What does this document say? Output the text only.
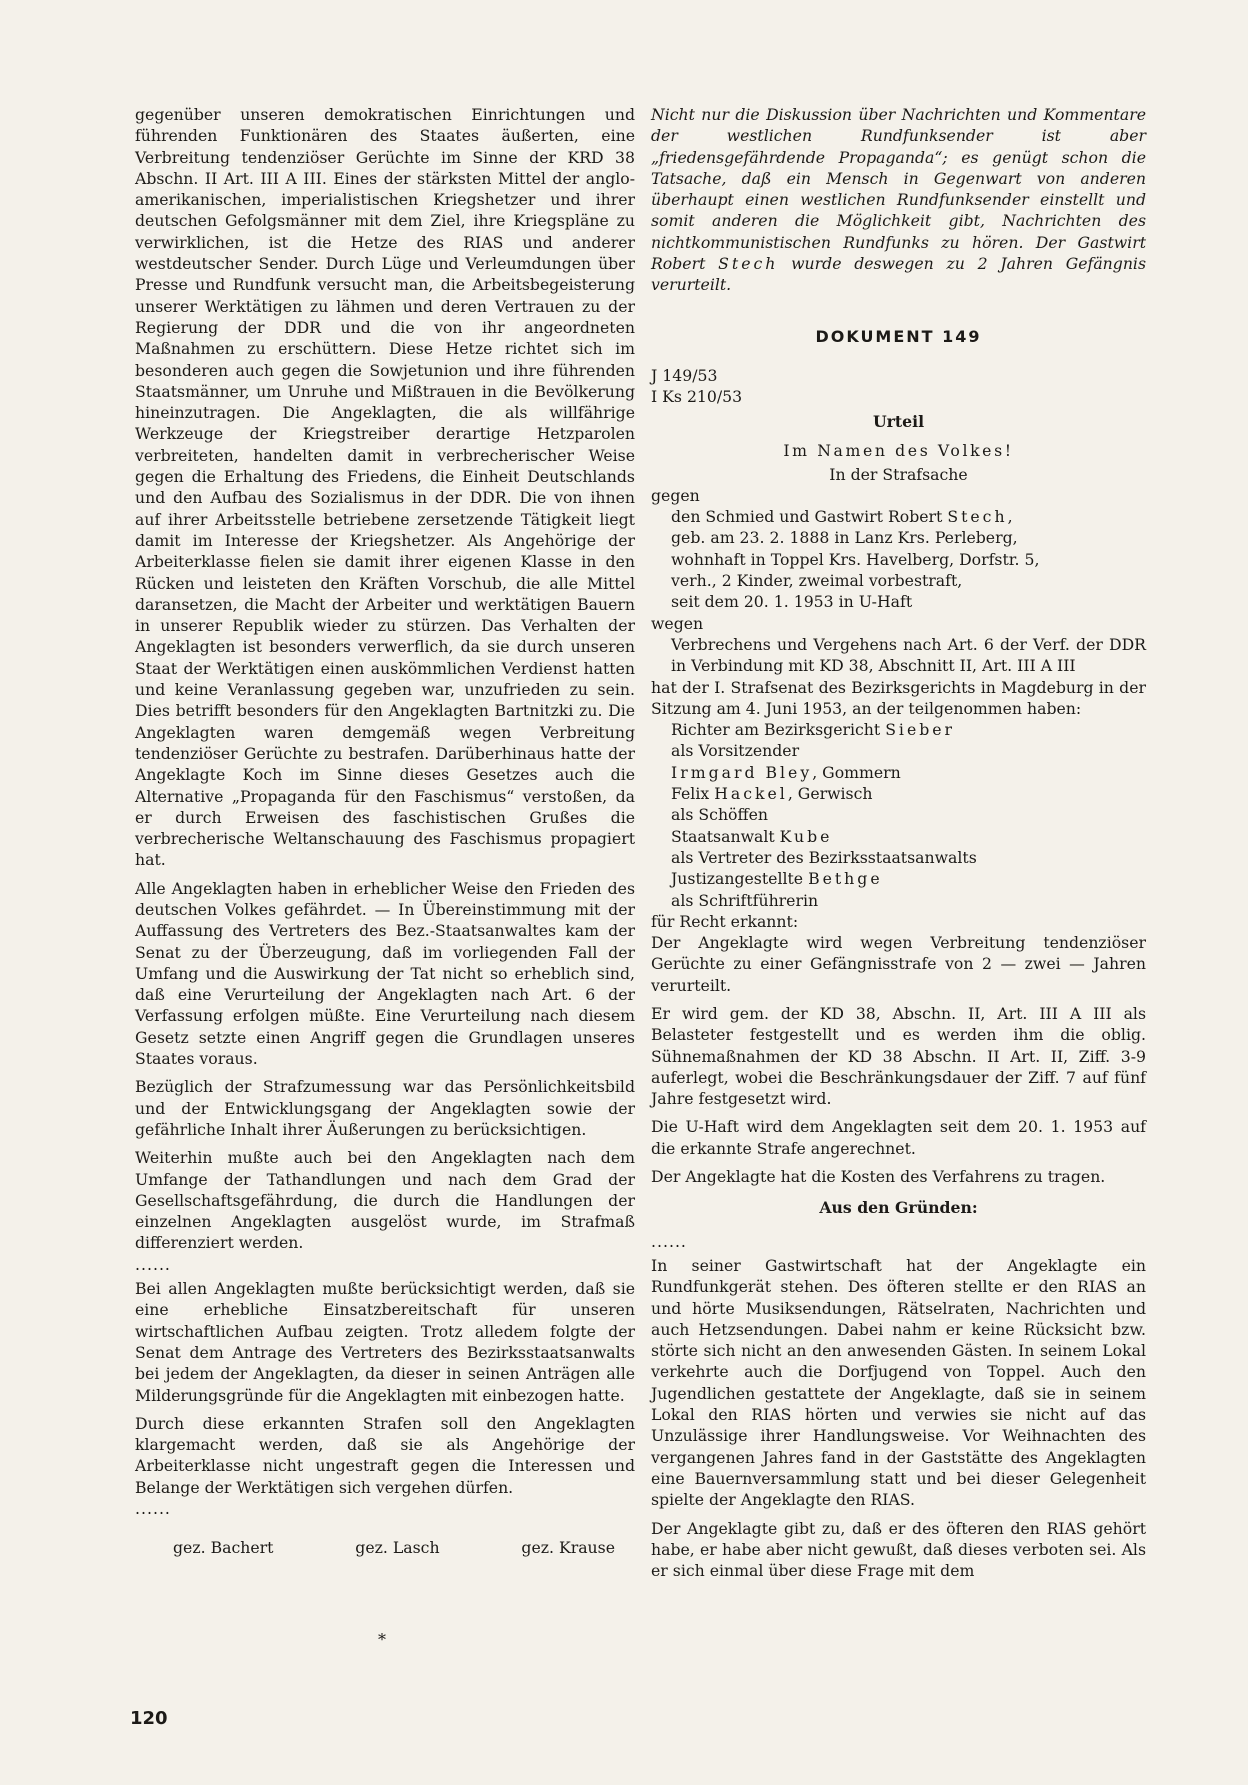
gegenüber unseren demokratischen Einrichtungen und führenden Funktionären des Staates äußerten, eine Verbreitung tendenziöser Gerüchte im Sinne der KRD 38 Abschn. II Art. III A III. Eines der stärksten Mittel der anglo-amerikanischen, imperialistischen Kriegshetzer und ihrer deutschen Gefolgsmänner mit dem Ziel, ihre Kriegspläne zu verwirklichen, ist die Hetze des RIAS und anderer westdeutscher Sender. Durch Lüge und Verleumdungen über Presse und Rundfunk versucht man, die Arbeitsbegeisterung unserer Werktätigen zu lähmen und deren Vertrauen zu der Regierung der DDR und die von ihr angeordneten Maßnahmen zu erschüttern. Diese Hetze richtet sich im besonderen auch gegen die Sowjetunion und ihre führenden Staatsmänner, um Unruhe und Mißtrauen in die Bevölkerung hineinzutragen. Die Angeklagten, die als willfährige Werkzeuge der Kriegstreiber derartige Hetzparolen verbreiteten, handelten damit in verbrecherischer Weise gegen die Erhaltung des Friedens, die Einheit Deutschlands und den Aufbau des Sozialismus in der DDR. Die von ihnen auf ihrer Arbeitsstelle betriebene zersetzende Tätigkeit liegt damit im Interesse der Kriegshetzer. Als Angehörige der Arbeiterklasse fielen sie damit ihrer eigenen Klasse in den Rücken und leisteten den Kräften Vorschub, die alle Mittel daransetzen, die Macht der Arbeiter und werktätigen Bauern in unserer Republik wieder zu stürzen. Das Verhalten der Angeklagten ist besonders verwerflich, da sie durch unseren Staat der Werktätigen einen auskömmlichen Verdienst hatten und keine Veranlassung gegeben war, unzufrieden zu sein. Dies betrifft besonders für den Angeklagten Bartnitzki zu. Die Angeklagten waren demgemäß wegen Verbreitung tendenziöser Gerüchte zu bestrafen. Darüberhinaus hatte der Angeklagte Koch im Sinne dieses Gesetzes auch die Alternative „Propaganda für den Faschismus“ verstoßen, da er durch Erweisen des faschistischen Grußes die verbrecherische Weltanschauung des Faschismus propagiert hat.

Alle Angeklagten haben in erheblicher Weise den Frieden des deutschen Volkes gefährdet. — In Übereinstimmung mit der Auffassung des Vertreters des Bez.-Staatsanwaltes kam der Senat zu der Überzeugung, daß im vorliegenden Fall der Umfang und die Auswirkung der Tat nicht so erheblich sind, daß eine Verurteilung der Angeklagten nach Art. 6 der Verfassung erfolgen müßte. Eine Verurteilung nach diesem Gesetz setzte einen Angriff gegen die Grundlagen unseres Staates voraus.

Bezüglich der Strafzumessung war das Persönlichkeitsbild und der Entwicklungsgang der Angeklagten sowie der gefährliche Inhalt ihrer Äußerungen zu berücksichtigen.

Weiterhin mußte auch bei den Angeklagten nach dem Umfange der Tathandlungen und nach dem Grad der Gesellschaftsgefährdung, die durch die Handlungen der einzelnen Angeklagten ausgelöst wurde, im Strafmaß differenziert werden.

......

Bei allen Angeklagten mußte berücksichtigt werden, daß sie eine erhebliche Einsatzbereitschaft für unseren wirtschaftlichen Aufbau zeigten. Trotz alledem folgte der Senat dem Antrage des Vertreters des Bezirksstaatsanwalts bei jedem der Angeklagten, da dieser in seinen Anträgen alle Milderungsgründe für die Angeklagten mit einbezogen hatte.

Durch diese erkannten Strafen soll den Angeklagten klargemacht werden, daß sie als Angehörige der Arbeiterklasse nicht ungestraft gegen die Interessen und Belange der Werktätigen sich vergehen dürfen.

......
gez. Bachert	gez. Lasch	gez. Krause
*
120

Nicht nur die Diskussion über Nachrichten und Kommentare der westlichen Rundfunksender ist aber „friedensgefährdende Propaganda“; es genügt schon die Tatsache, daß ein Mensch in Gegenwart von anderen überhaupt einen westlichen Rundfunksender einstellt und somit anderen die Möglichkeit gibt, Nachrichten des nichtkommunistischen Rundfunks zu hören. Der Gastwirt Robert Stech wurde deswegen zu 2 Jahren Gefängnis verurteilt.

DOKUMENT 149
J 149/53
I Ks 210/53
Urteil
Im Namen des Volkes!
In der Strafsache
gegen
den Schmied und Gastwirt Robert Stech,
geb. am 23. 2. 1888 in Lanz Krs. Perleberg,
wohnhaft in Toppel Krs. Havelberg, Dorfstr. 5,
verh., 2 Kinder, zweimal vorbestraft,
seit dem 20. 1. 1953 in U-Haft
wegen

Verbrechens und Vergehens nach Art. 6 der Verf. der DDR in Verbindung mit KD 38, Abschnitt II, Art. III A III

hat der I. Strafsenat des Bezirksgerichts in Magdeburg in der Sitzung am 4. Juni 1953, an der teilgenommen haben:

Richter am Bezirksgericht Sieber
als Vorsitzender
Irmgard Bley, Gommern
Felix Hackel, Gerwisch
als Schöffen
Staatsanwalt Kube
als Vertreter des Bezirksstaatsanwalts
Justizangestellte Bethge
als Schriftführerin
für Recht erkannt:

Der Angeklagte wird wegen Verbreitung tendenziöser Gerüchte zu einer Gefängnisstrafe von 2 — zwei — Jahren verurteilt.

Er wird gem. der KD 38, Abschn. II, Art. III A III als Belasteter festgestellt und es werden ihm die oblig. Sühnemaßnahmen der KD 38 Abschn. II Art. II, Ziff. 3-9 auferlegt, wobei die Beschränkungsdauer der Ziff. 7 auf fünf Jahre festgesetzt wird.

Die U-Haft wird dem Angeklagten seit dem 20. 1. 1953 auf die erkannte Strafe angerechnet.

Der Angeklagte hat die Kosten des Verfahrens zu tragen.

Aus den Gründen:
......

In seiner Gastwirtschaft hat der Angeklagte ein Rundfunkgerät stehen. Des öfteren stellte er den RIAS an und hörte Musiksendungen, Rätselraten, Nachrichten und auch Hetzsendungen. Dabei nahm er keine Rücksicht bzw. störte sich nicht an den anwesenden Gästen. In seinem Lokal verkehrte auch die Dorfjugend von Toppel. Auch den Jugendlichen gestattete der Angeklagte, daß sie in seinem Lokal den RIAS hörten und verwies sie nicht auf das Unzulässige ihrer Handlungsweise. Vor Weihnachten des vergangenen Jahres fand in der Gaststätte des Angeklagten eine Bauernversammlung statt und bei dieser Gelegenheit spielte der Angeklagte den RIAS.

Der Angeklagte gibt zu, daß er des öfteren den RIAS gehört habe, er habe aber nicht gewußt, daß dieses verboten sei. Als er sich einmal über diese Frage mit dem
